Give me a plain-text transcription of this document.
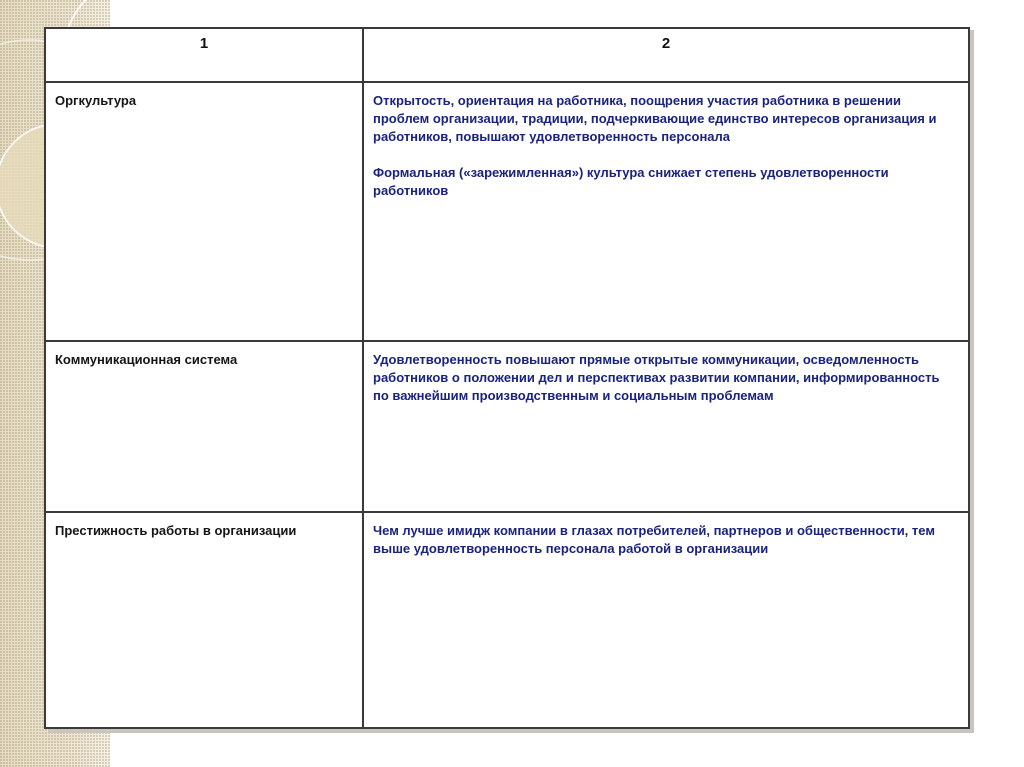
1	2
Оргкультура	Открытость, ориентация на работника, поощрения участия работника в решении проблем организации, традиции, подчеркивающие единство интересов организация и работников, повышают удовлетворенность персонала

Формальная («зарежимленная») культура снижает степень удовлетворенности работников

Коммуникационная система	Удовлетворенность повышают прямые открытые коммуникации, осведомленность работников о положении дел и перспективах развитии компании, информированность по важнейшим производственным и социальным проблемам

Престижность работы в организации	Чем лучше имидж компании в глазах потребителей, партнеров и общественности, тем выше удовлетворенность персонала работой в организации
